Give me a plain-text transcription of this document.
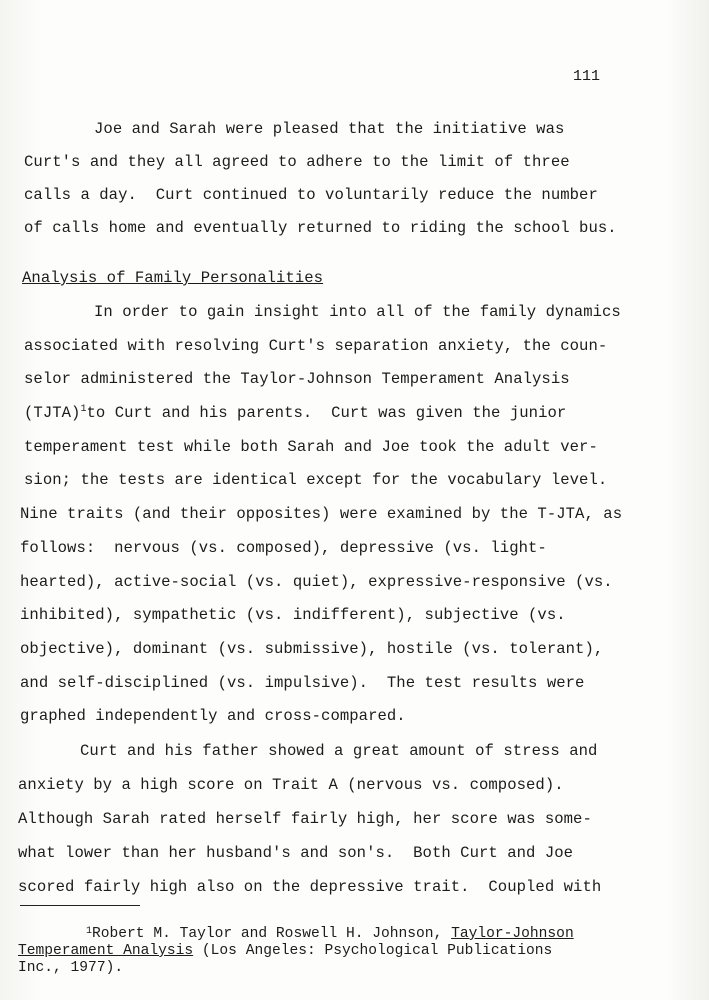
111
Joe and Sarah were pleased that the initiative was
Curt's and they all agreed to adhere to the limit of three
calls a day.  Curt continued to voluntarily reduce the number
of calls home and eventually returned to riding the school bus.
Analysis of Family Personalities
In order to gain insight into all of the family dynamics
associated with resolving Curt's separation anxiety, the coun-
selor administered the Taylor-Johnson Temperament Analysis
(TJTA)$^1$to Curt and his parents.  Curt was given the junior
temperament test while both Sarah and Joe took the adult ver-
sion; the tests are identical except for the vocabulary level.
Nine traits (and their opposites) were examined by the T-JTA, as
follows:  nervous (vs. composed), depressive (vs. light-
hearted), active-social (vs. quiet), expressive-responsive (vs.
inhibited), sympathetic (vs. indifferent), subjective (vs.
objective), dominant (vs. submissive), hostile (vs. tolerant),
and self-disciplined (vs. impulsive).  The test results were
graphed independently and cross-compared.
Curt and his father showed a great amount of stress and
anxiety by a high score on Trait A (nervous vs. composed).
Although Sarah rated herself fairly high, her score was some-
what lower than her husband's and son's.  Both Curt and Joe
scored fairly high also on the depressive trait.  Coupled with
$^1$Robert M. Taylor and Roswell H. Johnson, Taylor-Johnson
Temperament Analysis (Los Angeles: Psychological Publications
Inc., 1977).
